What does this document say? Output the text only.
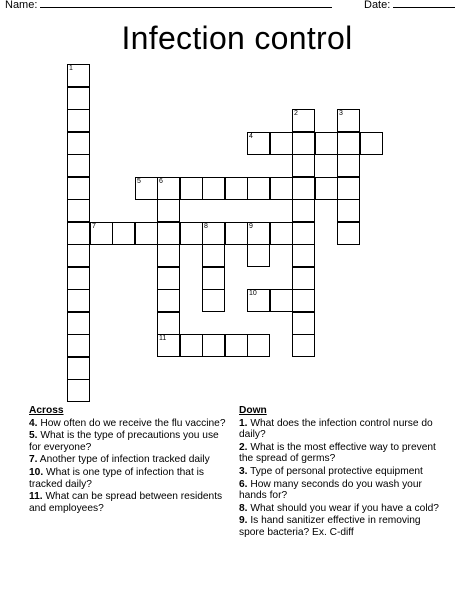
Name:	Date:
Infection control
1
2	3
4
5	6
7	8	9
10
11
Across
4. How often do we receive the flu vaccine?
5. What is the type of precautions you use for everyone?
7. Another type of infection tracked daily
10. What is one type of infection that is tracked daily?
11. What can be spread between residents and employees?
Down
1. What does the infection control nurse do daily?
2. What is the most effective way to prevent the spread of germs?
3. Type of personal protective equipment
6. How many seconds do you wash your hands for?
8. What should you wear if you have a cold?
9. Is hand sanitizer effective in removing spore bacteria? Ex. C-diff
